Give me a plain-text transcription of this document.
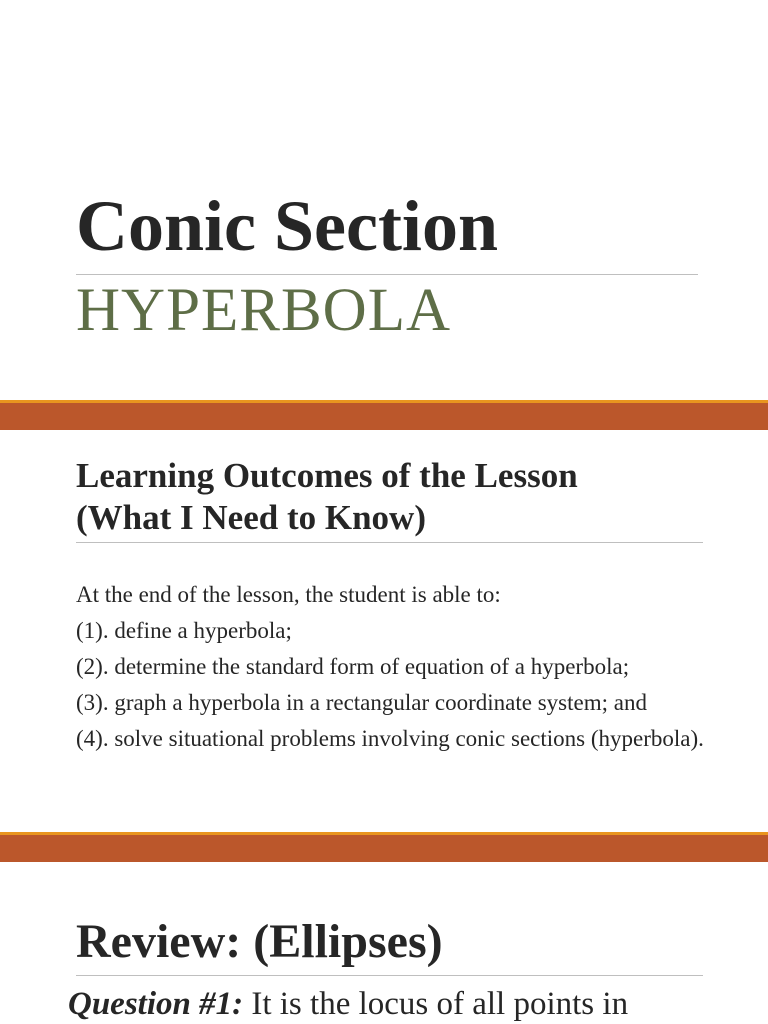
Conic Section
HYPERBOLA
Learning Outcomes of the Lesson
(What I Need to Know)
At the end of the lesson, the student is able to:
(1). define a hyperbola;
(2). determine the standard form of equation of a hyperbola;
(3). graph a hyperbola in a rectangular coordinate system; and
(4). solve situational problems involving conic sections (hyperbola).
Review: (Ellipses)

Question #1: It is the locus of all points in
